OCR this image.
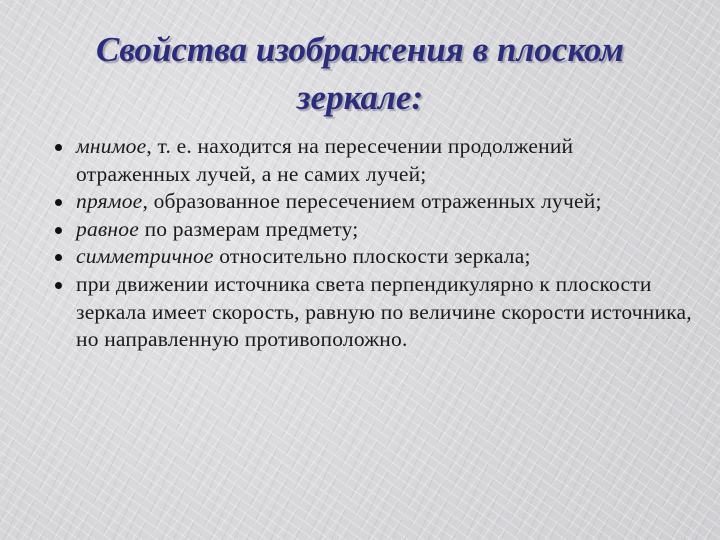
Свойства изображения в плоском
зеркале:
мнимое, т. е. находится на пересечении продолжений отраженных лучей, а не самих лучей;
прямое, образованное пересечением отраженных лучей;
равное по размерам предмету;
симметричное относительно плоскости зеркала;
при движении источника света перпендикулярно к плоскости зеркала имеет скорость, равную по величине скорости источника, но направленную противоположно.
